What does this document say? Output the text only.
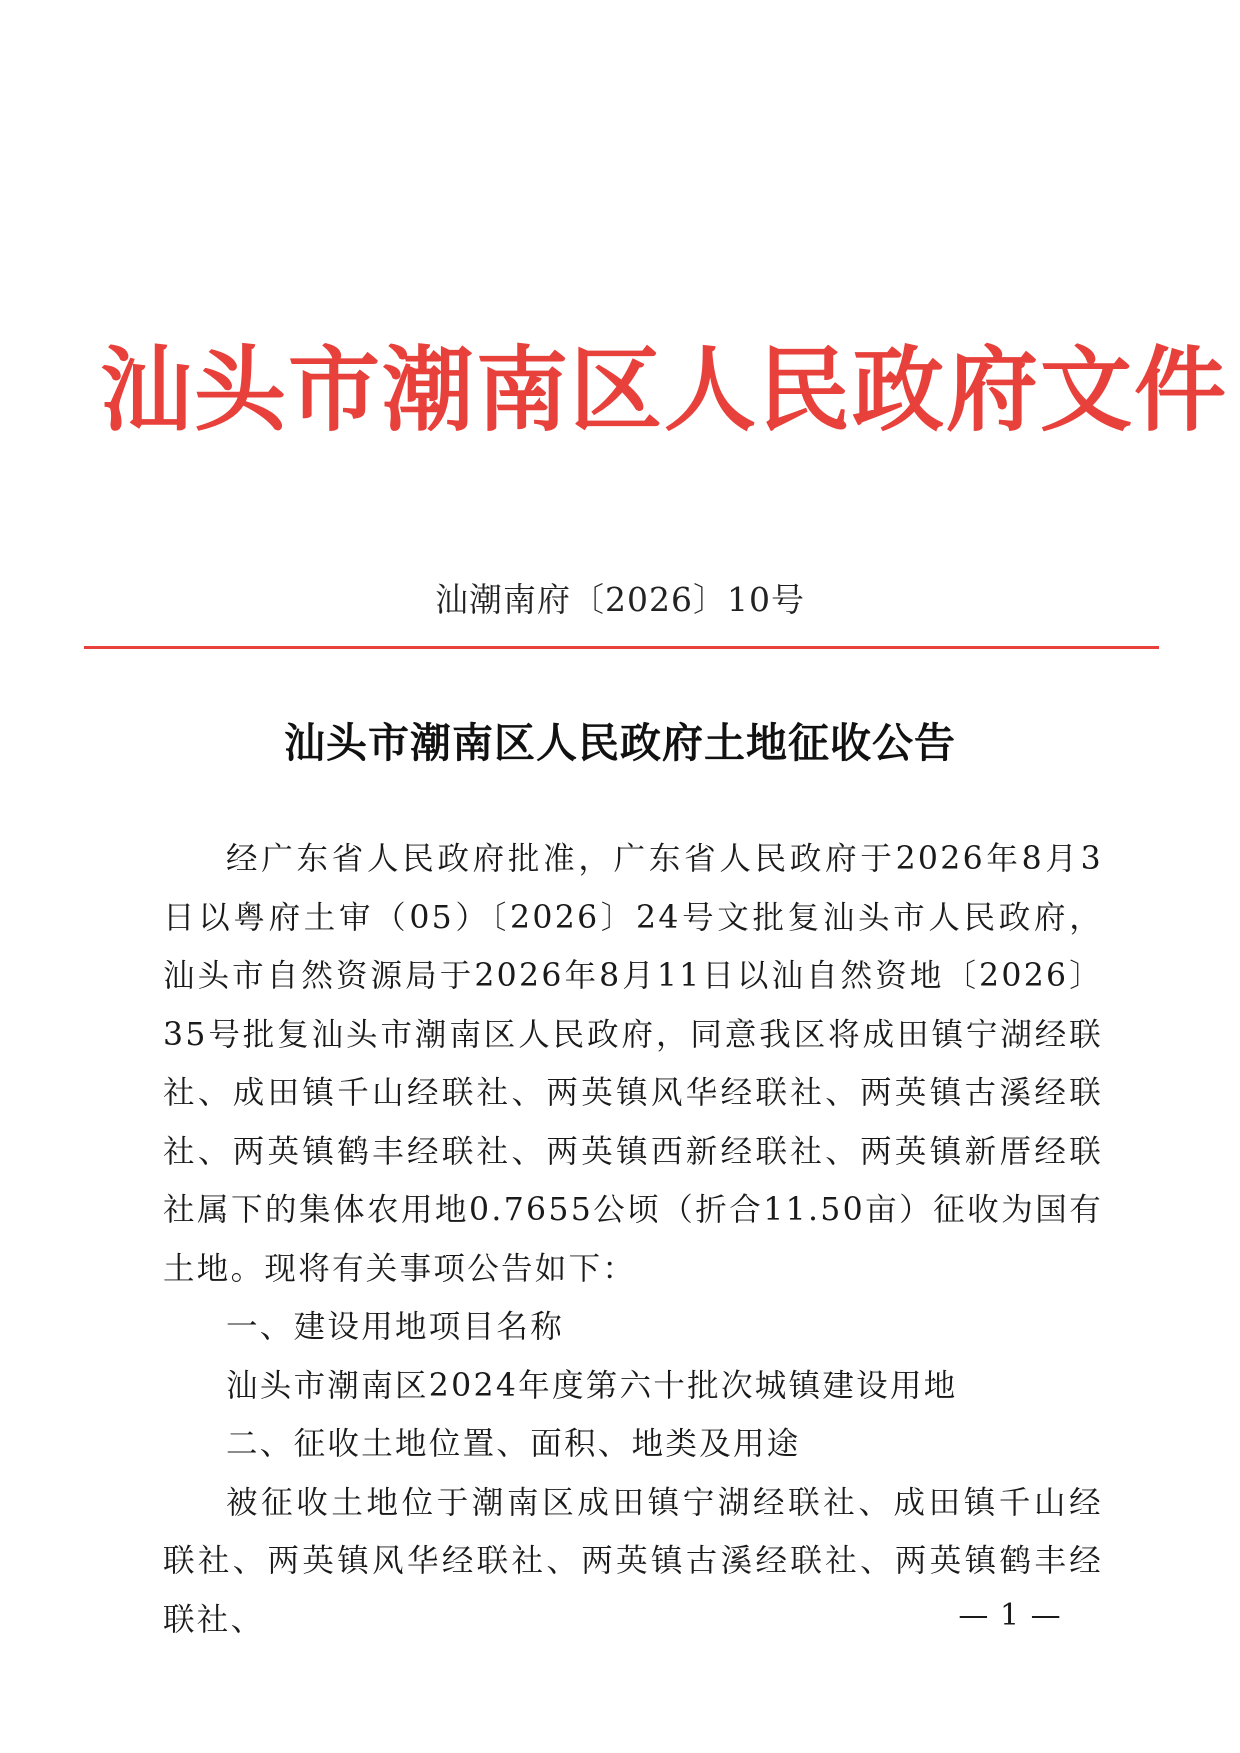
汕头市潮南区人民政府文件
汕潮南府〔2026〕10号
汕头市潮南区人民政府土地征收公告

经广东省人民政府批准，广东省人民政府于2026年8月3日以粤府土审（05）〔2026〕24号文批复汕头市人民政府，汕头市自然资源局于2026年8月11日以汕自然资地〔2026〕35号批复汕头市潮南区人民政府，同意我区将成田镇宁湖经联社、成田镇千山经联社、两英镇风华经联社、两英镇古溪经联社、两英镇鹤丰经联社、两英镇西新经联社、两英镇新厝经联社属下的集体农用地0.7655公顷（折合11.50亩）征收为国有土地。现将有关事项公告如下：

一、建设用地项目名称

汕头市潮南区2024年度第六十批次城镇建设用地

二、征收土地位置、面积、地类及用途

被征收土地位于潮南区成田镇宁湖经联社、成田镇千山经联社、两英镇风华经联社、两英镇古溪经联社、两英镇鹤丰经联社、	— 1 —
